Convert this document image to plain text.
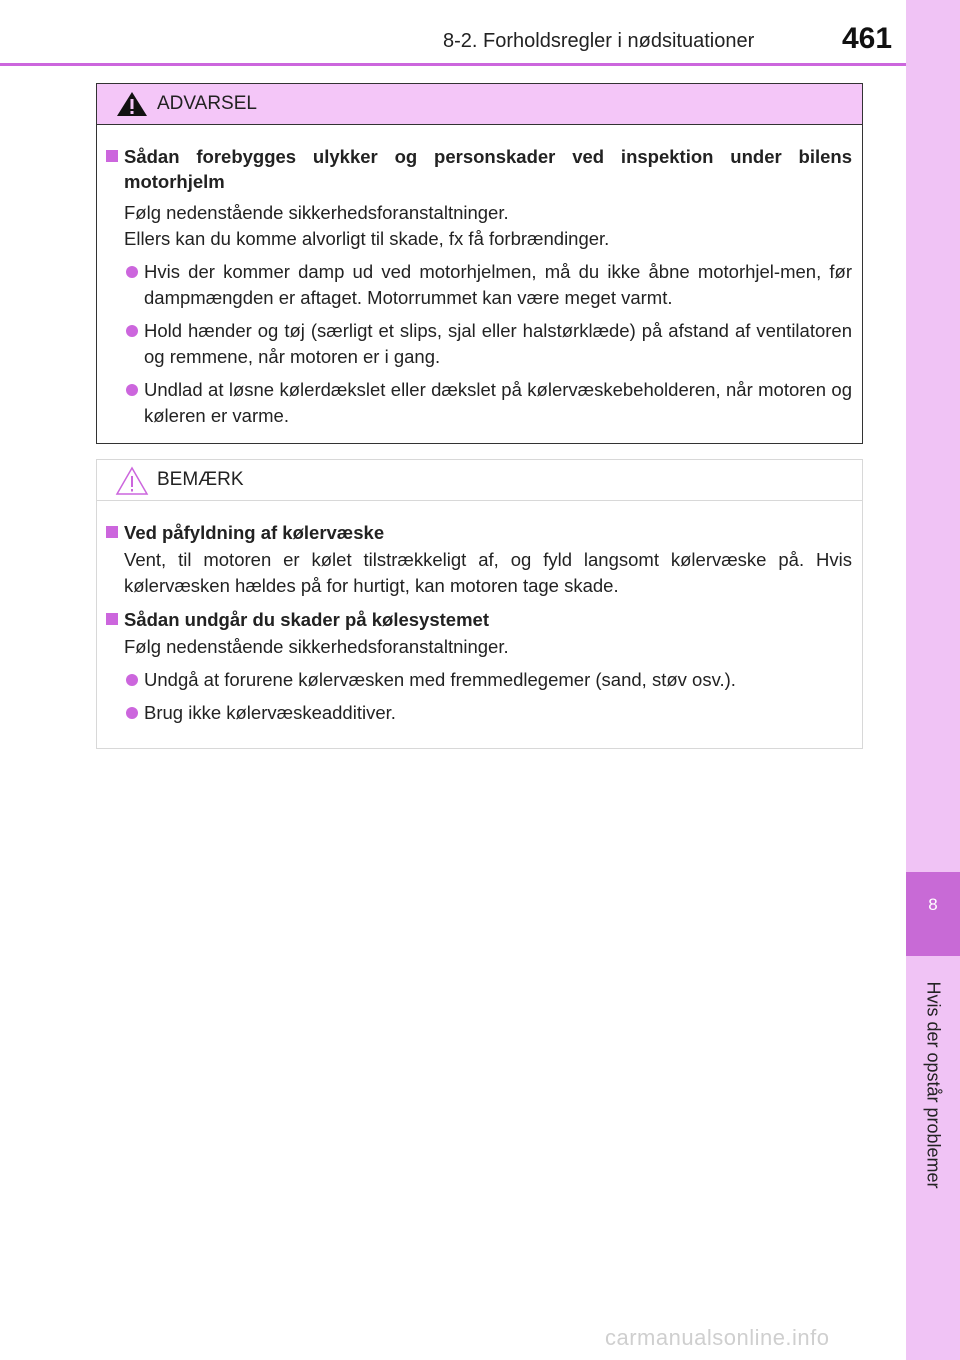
8-2. Forholdsregler i nødsituationer	461
8
Hvis der opstår problemer
ADVARSEL
Sådan forebygges ulykker og personskader ved inspektion under bilens motorhjelm
Følg nedenstående sikkerhedsforanstaltninger.
Ellers kan du komme alvorligt til skade, fx få forbrændinger.
Hvis der kommer damp ud ved motorhjelmen, må du ikke åbne motorhjel-men, før dampmængden er aftaget. Motorrummet kan være meget varmt.
Hold hænder og tøj (særligt et slips, sjal eller halstørklæde) på afstand af ventilatoren og remmene, når motoren er i gang.
Undlad at løsne kølerdækslet eller dækslet på kølervæskebeholderen, når motoren og køleren er varme.
BEMÆRK
Ved påfyldning af kølervæske
Vent, til motoren er kølet tilstrækkeligt af, og fyld langsomt kølervæske på. Hvis kølervæsken hældes på for hurtigt, kan motoren tage skade.
Sådan undgår du skader på kølesystemet
Følg nedenstående sikkerhedsforanstaltninger.
Undgå at forurene kølervæsken med fremmedlegemer (sand, støv osv.).
Brug ikke kølervæskeadditiver.
carmanualsonline.info
